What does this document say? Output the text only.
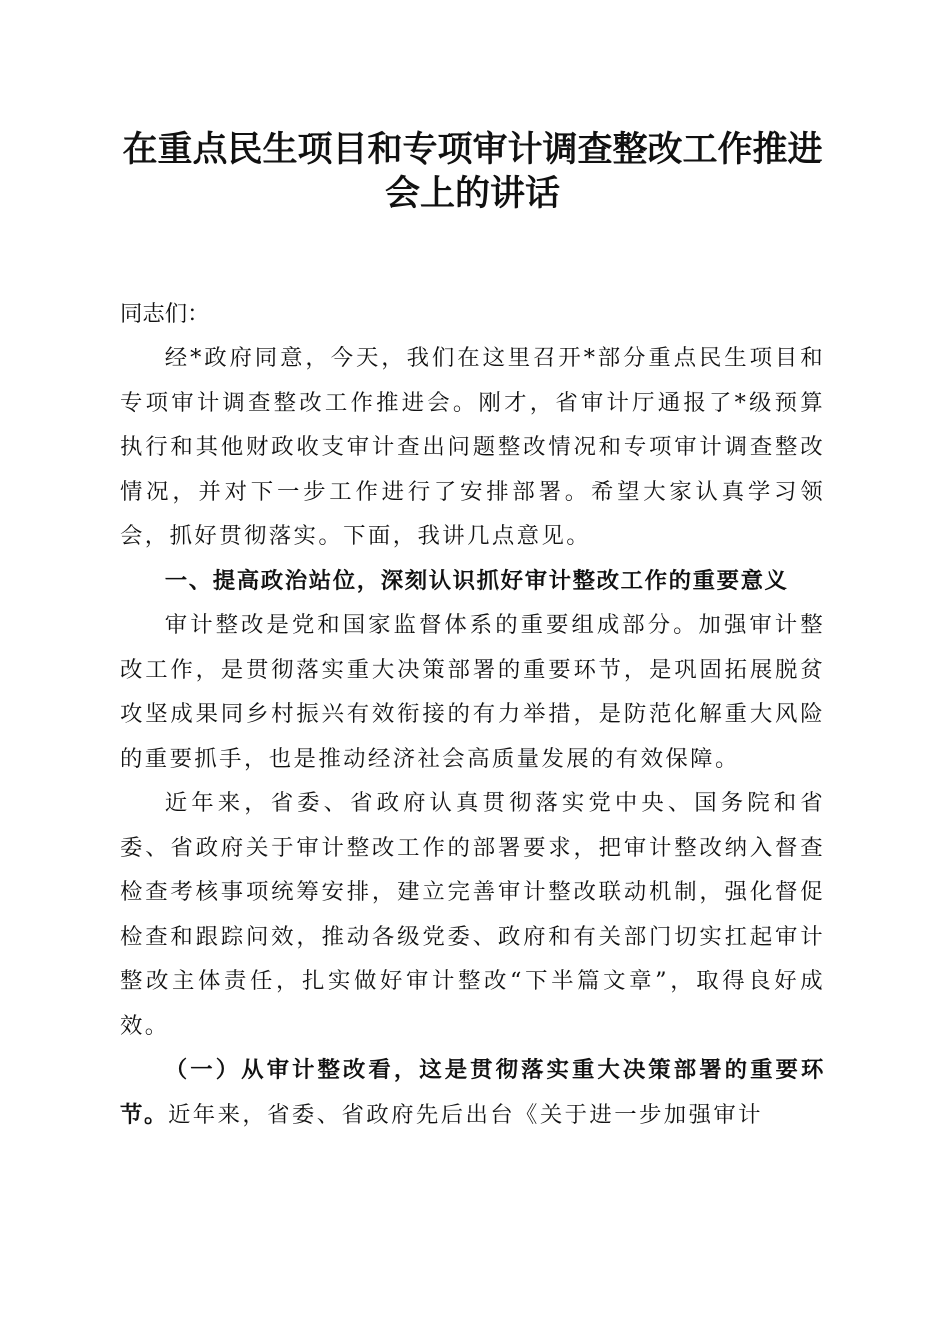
在重点民生项目和专项审计调查整改工作推进
会上的讲话

同志们：

经*政府同意，今天，我们在这里召开*部分重点民生项目和专项审计调查整改工作推进会。刚才，省审计厅通报了*级预算执行和其他财政收支审计查出问题整改情况和专项审计调查整改情况，并对下一步工作进行了安排部署。希望大家认真学习领会，抓好贯彻落实。下面，我讲几点意见。

一、提高政治站位，深刻认识抓好审计整改工作的重要意义

审计整改是党和国家监督体系的重要组成部分。加强审计整改工作，是贯彻落实重大决策部署的重要环节，是巩固拓展脱贫攻坚成果同乡村振兴有效衔接的有力举措，是防范化解重大风险的重要抓手，也是推动经济社会高质量发展的有效保障。

近年来，省委、省政府认真贯彻落实党中央、国务院和省委、省政府关于审计整改工作的部署要求，把审计整改纳入督查检查考核事项统筹安排，建立完善审计整改联动机制，强化督促检查和跟踪问效，推动各级党委、政府和有关部门切实扛起审计整改主体责任，扎实做好审计整改“下半篇文章”，取得良好成效。

（一）从审计整改看，这是贯彻落实重大决策部署的重要环节。近年来，省委、省政府先后出台《关于进一步加强审计
